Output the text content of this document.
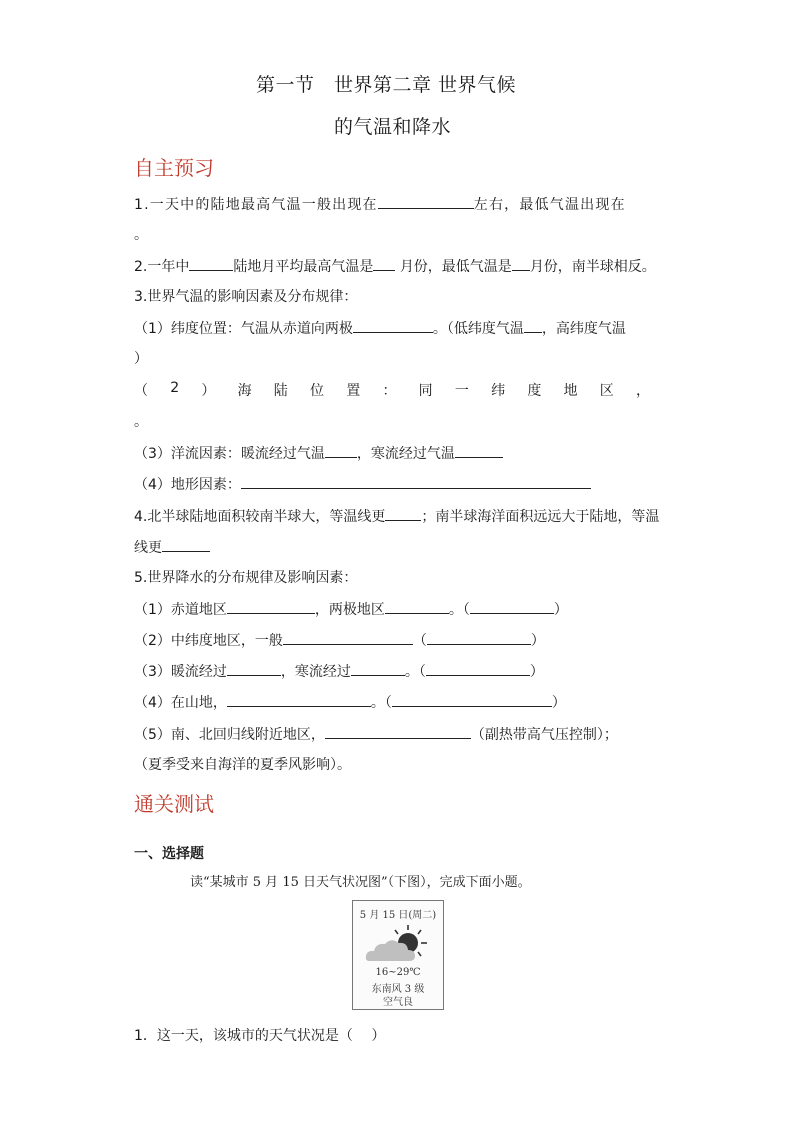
第一节　世界第二章 世界气候
的气温和降水
自主预习
1.一天中的陆地最高气温一般出现在	左右，最低气温出现在
。
2.一年中	陆地月平均最高气温是 月份，最低气温是 月份，南半球相反。
3.世界气温的影响因素及分布规律：
（1）纬度位置：气温从赤道向两极	。（低纬度气温 ，高纬度气温
）
（ 2 ） 海 陆 位 置 ： 同 一 纬 度 地 区 ，
。
（3）洋流因素：暖流经过气温 ，寒流经过气温
（4）地形因素：
4.北半球陆地面积较南半球大，等温线更	；南半球海洋面积远远大于陆地，等温
线更
5.世界降水的分布规律及影响因素：
（1）赤道地区	，两极地区	。（	）
（2）中纬度地区，一般	（	）
（3）暖流经过	，寒流经过	。（	）
（4）在山地，	。（	）
（5）南、北回归线附近地区，	（副热带高气压控制）；
（夏季受来自海洋的夏季风影响）。
通关测试
一、选择题
读“某城市 5 月 15 日天气状况图”（下图），完成下面小题。
5 月 15 日(周二)
16~29℃
东南风 3 级
空气良
1．这一天，该城市的天气状况是（　 ）
